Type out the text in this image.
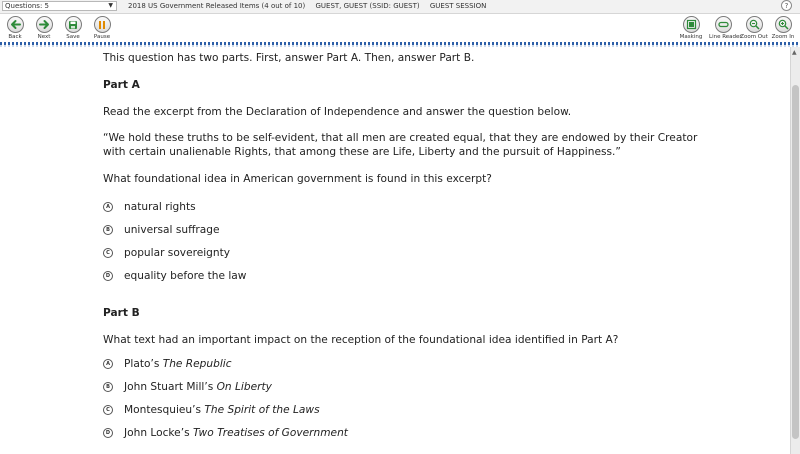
Questions: 5	▼ 2018 US Government Released Items (4 out of 10) GUEST, GUEST (SSID: GUEST) GUEST SESSION	?
Back	Next	Save	Pause	Masking	Line Reader
Zoom Out Zoom In
This question has two parts. First, answer Part A. Then, answer Part B.
Part A
Read the excerpt from the Declaration of Independence and answer the question below.
“We hold these truths to be self-evident, that all men are created equal, that they are endowed by their Creator
with certain unalienable Rights, that among these are Life, Liberty and the pursuit of Happiness.”
What foundational idea in American government is found in this excerpt?
A natural rights
B universal suffrage
C popular sovereignty
D equality before the law
Part B
What text had an important impact on the reception of the foundational idea identified in Part A?
A Plato’s The Republic
B John Stuart Mill’s On Liberty
C Montesquieu’s The Spirit of the Laws
D John Locke’s Two Treatises of Government
▲
